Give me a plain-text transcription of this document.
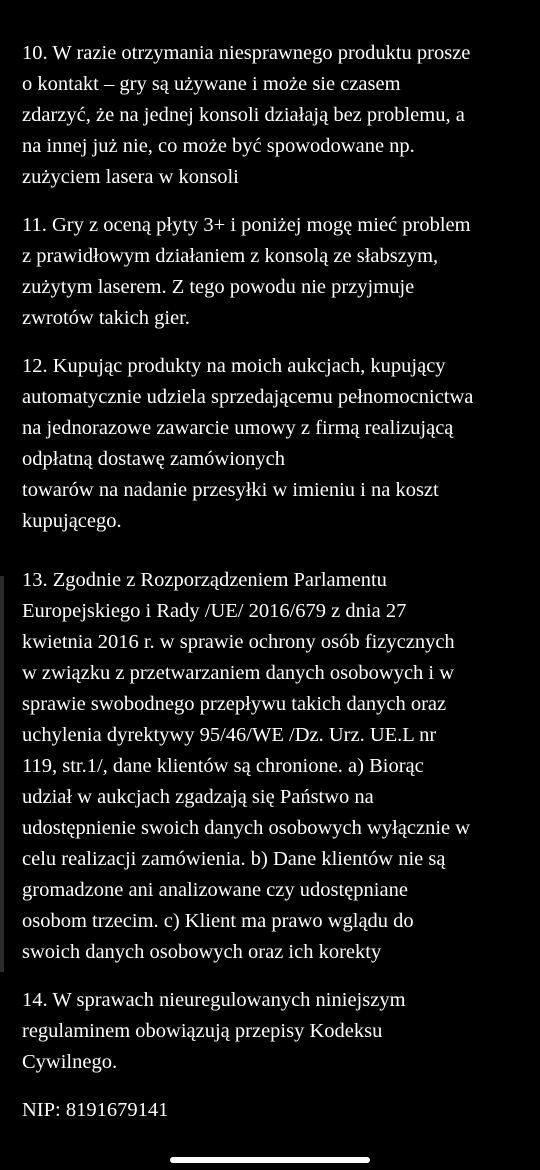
10. W razie otrzymania niesprawnego produktu prosze
o kontakt – gry są używane i może sie czasem
zdarzyć, że na jednej konsoli działają bez problemu, a
na innej już nie, co może być spowodowane np.
zużyciem lasera w konsoli
11. Gry z oceną płyty 3+ i poniżej mogę mieć problem
z prawidłowym działaniem z konsolą ze słabszym,
zużytym laserem. Z tego powodu nie przyjmuje
zwrotów takich gier.
12. Kupując produkty na moich aukcjach, kupujący
automatycznie udziela sprzedającemu pełnomocnictwa
na jednorazowe zawarcie umowy z firmą realizującą
odpłatną dostawę zamówionych
towarów na nadanie przesyłki w imieniu i na koszt
kupującego.
13. Zgodnie z Rozporządzeniem Parlamentu
Europejskiego i Rady /UE/ 2016/679 z dnia 27
kwietnia 2016 r. w sprawie ochrony osób fizycznych
w związku z przetwarzaniem danych osobowych i w
sprawie swobodnego przepływu takich danych oraz
uchylenia dyrektywy 95/46/WE /Dz. Urz. UE.L nr
119, str.1/, dane klientów są chronione. a) Biorąc
udział w aukcjach zgadzają się Państwo na
udostępnienie swoich danych osobowych wyłącznie w
celu realizacji zamówienia. b) Dane klientów nie są
gromadzone ani analizowane czy udostępniane
osobom trzecim. c) Klient ma prawo wglądu do
swoich danych osobowych oraz ich korekty
14. W sprawach nieuregulowanych niniejszym
regulaminem obowiązują przepisy Kodeksu
Cywilnego.
NIP: 8191679141
